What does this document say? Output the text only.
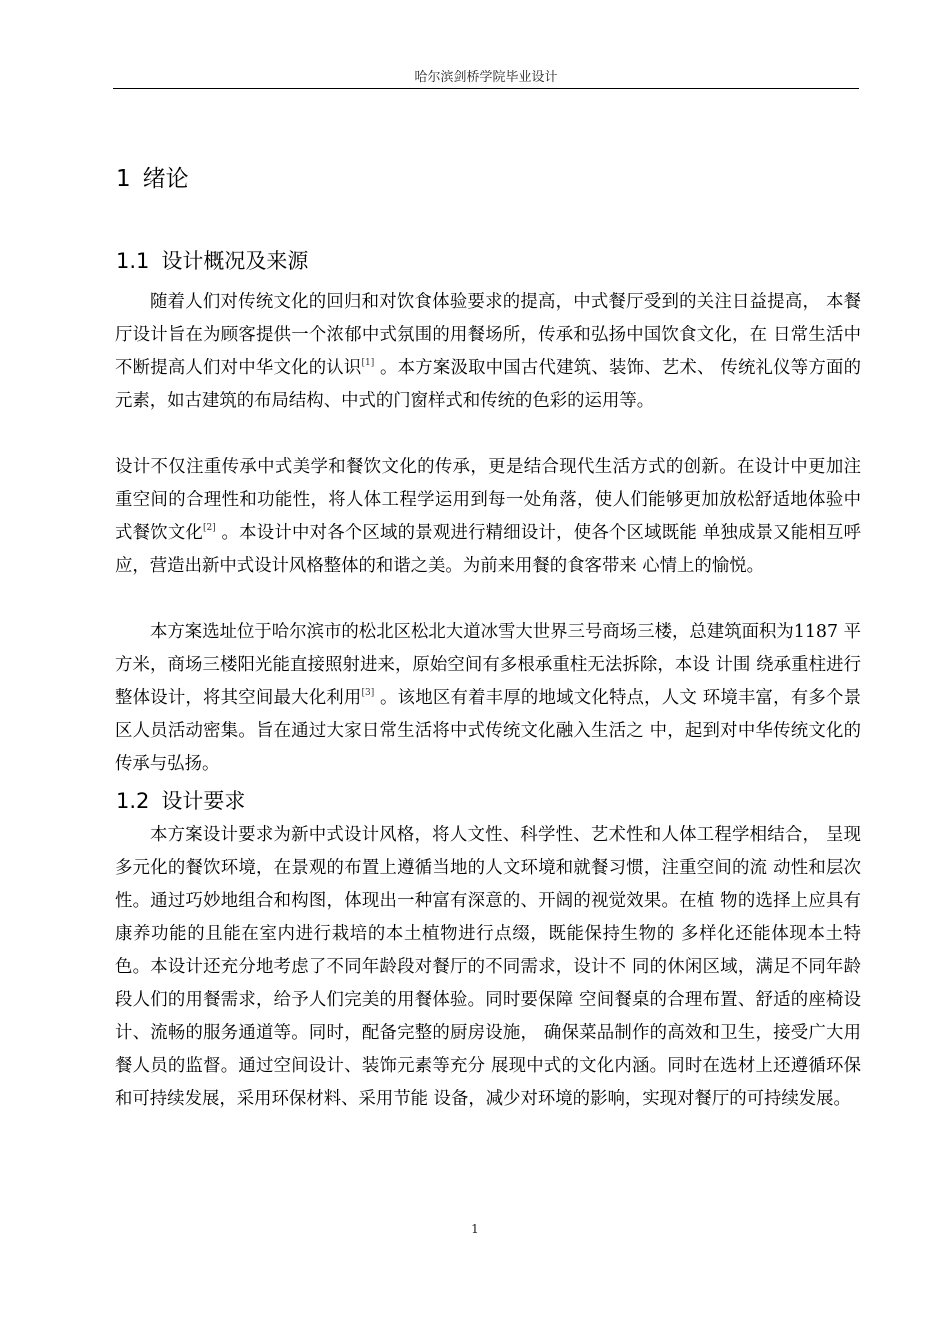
哈尔滨剑桥学院毕业设计
1 绪论
1.1 设计概况及来源

随着人们对传统文化的回归和对饮食体验要求的提高，中式餐厅受到的关注日益提高， 本餐厅设计旨在为顾客提供一个浓郁中式氛围的用餐场所，传承和弘扬中国饮食文化，在 日常生活中不断提高人们对中华文化的认识[1] 。本方案汲取中国古代建筑、装饰、艺术、 传统礼仪等方面的元素，如古建筑的布局结构、中式的门窗样式和传统的色彩的运用等。

设计不仅注重传承中式美学和餐饮文化的传承，更是结合现代生活方式的创新。在设计中更加注重空间的合理性和功能性，将人体工程学运用到每一处角落，使人们能够更加放松舒适地体验中式餐饮文化[2] 。本设计中对各个区域的景观进行精细设计，使各个区域既能 单独成景又能相互呼应，营造出新中式设计风格整体的和谐之美。为前来用餐的食客带来 心情上的愉悦。

本方案选址位于哈尔滨市的松北区松北大道冰雪大世界三号商场三楼，总建筑面积为1187 平方米，商场三楼阳光能直接照射进来，原始空间有多根承重柱无法拆除，本设 计围 绕承重柱进行整体设计，将其空间最大化利用[3] 。该地区有着丰厚的地域文化特点，人文 环境丰富，有多个景区人员活动密集。旨在通过大家日常生活将中式传统文化融入生活之 中，起到对中华传统文化的传承与弘扬。

1.2 设计要求

本方案设计要求为新中式设计风格，将人文性、科学性、艺术性和人体工程学相结合， 呈现多元化的餐饮环境，在景观的布置上遵循当地的人文环境和就餐习惯，注重空间的流 动性和层次性。通过巧妙地组合和构图，体现出一种富有深意的、开阔的视觉效果。在植 物的选择上应具有康养功能的且能在室内进行栽培的本土植物进行点缀，既能保持生物的 多样化还能体现本土特色。本设计还充分地考虑了不同年龄段对餐厅的不同需求，设计不 同的休闲区域，满足不同年龄段人们的用餐需求，给予人们完美的用餐体验。同时要保障 空间餐桌的合理布置、舒适的座椅设计、流畅的服务通道等。同时，配备完整的厨房设施， 确保菜品制作的高效和卫生，接受广大用餐人员的监督。通过空间设计、装饰元素等充分 展现中式的文化内涵。同时在选材上还遵循环保和可持续发展，采用环保材料、采用节能 设备，减少对环境的影响，实现对餐厅的可持续发展。

1
